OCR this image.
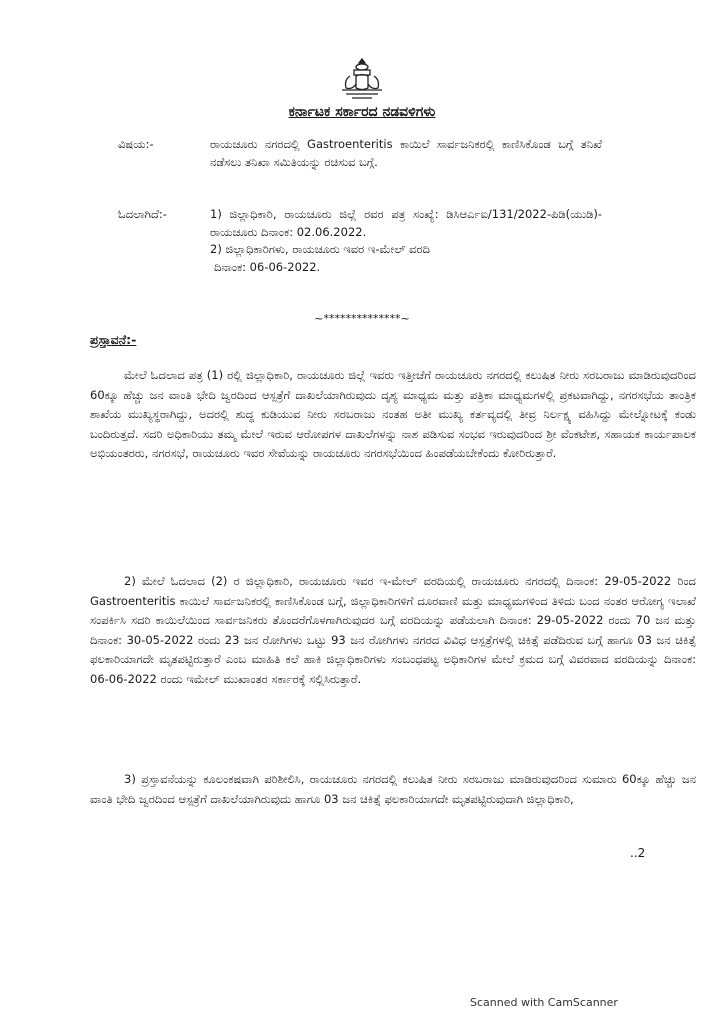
ಕರ್ನಾಟಕ ಸರ್ಕಾರದ ನಡವಳಿಗಳು
ವಿಷಯ:-	ರಾಯಚೂರು ನಗರದಲ್ಲಿ Gastroenteritis ಕಾಯಿಲೆ ಸಾರ್ವಜನಿಕರಲ್ಲಿ ಕಾಣಿಸಿಕೊಂಡ ಬಗ್ಗೆ ತನಿಖೆ ನಡೆಸಲು ತನಿಖಾ ಸಮಿತಿಯನ್ನು ರಚಿಸುವ ಬಗ್ಗೆ.
ಓದಲಾಗಿದೆ:-	1) ಜಿಲ್ಲಾಧಿಕಾರಿ, ರಾಯಚೂರು ಜಿಲ್ಲೆ ರವರ ಪತ್ರ ಸಂಖ್ಯೆ: ಡಿಸಿಆರ್ಎಐ/131/2022-ಪಿಡಿ(ಯುಡಿ)-ರಾಯಚೂರು ದಿನಾಂಕ: 02.06.2022.
2) ಜಿಲ್ಲಾಧಿಕಾರಿಗಳು, ರಾಯಚೂರು ಇವರ ಇ-ಮೇಲ್ ವರದಿ
ದಿನಾಂಕ: 06-06-2022.
~**************~
ಪ್ರಸ್ತಾವನೆ:-

ಮೇಲೆ ಓದಲಾದ ಪತ್ರ (1) ರಲ್ಲಿ ಜಿಲ್ಲಾಧಿಕಾರಿ, ರಾಯಚೂರು ಜಿಲ್ಲೆ ಇವರು ಇತ್ತೀಚೆಗೆ ರಾಯಚೂರು ನಗರದಲ್ಲಿ ಕಲುಷಿತ ನೀರು ಸರಬರಾಜು ಮಾಡಿರುವುದರಿಂದ 60ಕ್ಕೂ ಹೆಚ್ಚು ಜನ ವಾಂತಿ ಭೇದಿ ಜ್ವರದಿಂದ ಆಸ್ಪತ್ರೆಗೆ ದಾಖಲೆಯಾಗಿರುವುದು ದೃಶ್ಯ ಮಾಧ್ಯಮ ಮತ್ತು ಪತ್ರಿಕಾ ಮಾಧ್ಯಮಗಳಲ್ಲಿ ಪ್ರಕಟವಾಗಿದ್ದು, ನಗರಸಭೆಯ ತಾಂತ್ರಿಕ ಶಾಖೆಯ ಮುಖ್ಯಸ್ಥರಾಗಿದ್ದು, ಅದರಲ್ಲಿ ಶುದ್ಧ ಕುಡಿಯುವ ನೀರು ಸರಬರಾಜು ನಂತಹ ಅತೀ ಮುಖ್ಯ ಕರ್ತವ್ಯದಲ್ಲಿ ತೀವ್ರ ನಿರ್ಲಕ್ಷ್ಯ ವಹಿಸಿದ್ದು ಮೇಲ್ನೋಟಕ್ಕೆ ಕಂಡು ಬಂದಿರುತ್ತದೆ. ಸದರಿ ಅಧಿಕಾರಿಯು ತಮ್ಮ ಮೇಲೆ ಇರುವ ಆರೋಪಗಳ ದಾಖಲೆಗಳನ್ನು ನಾಶ ಪಡಿಸುವ ಸಂಭವ ಇರುವುದರಿಂದ ಶ್ರೀ ವೆಂಕಟೇಶ, ಸಹಾಯಕ ಕಾರ್ಯಪಾಲಕ ಅಭಿಯಂತರರು, ನಗರಸಭೆ, ರಾಯಚೂರು ಇವರ ಸೇವೆಯನ್ನು ರಾಯಚೂರು ನಗರಸಭೆಯಿಂದ ಹಿಂಪಡೆಯಬೇಕೆಂದು ಕೋರಿರುತ್ತಾರೆ.

2) ಮೇಲೆ ಓದಲಾದ (2) ರ ಜಿಲ್ಲಾಧಿಕಾರಿ, ರಾಯಚೂರು ಇವರ ಇ-ಮೇಲ್ ವರದಿಯಲ್ಲಿ ರಾಯಚೂರು ನಗರದಲ್ಲಿ ದಿನಾಂಕ: 29-05-2022 ರಿಂದ Gastroenteritis ಕಾಯಿಲೆ ಸಾರ್ವಜನಿಕರಲ್ಲಿ ಕಾಣಿಸಿಕೊಂಡ ಬಗ್ಗೆ, ಜಿಲ್ಲಾಧಿಕಾರಿಗಳಿಗೆ ದೂರವಾಣಿ ಮತ್ತು ಮಾಧ್ಯಮಗಳಿಂದ ತಿಳಿದು ಬಂದ ನಂತರ ಆರೋಗ್ಯ ಇಲಾಖೆ ಸಂಪರ್ಕಿಸಿ ಸದರಿ ಕಾಯಿಲೆಯಿಂದ ಸಾರ್ವಜನಿಕರು ತೊಂದರೆಗೊಳಗಾಗಿರುವುದರ ಬಗ್ಗೆ ವರದಿಯನ್ನು ಪಡೆಯಲಾಗಿ ದಿನಾಂಕ: 29-05-2022 ರಂದು 70 ಜನ ಮತ್ತು ದಿನಾಂಕ: 30-05-2022 ರಂದು 23 ಜನ ರೋಗಿಗಳು ಒಟ್ಟು 93 ಜನ ರೋಗಿಗಳು ನಗರದ ವಿವಿಧ ಆಸ್ಪತ್ರೆಗಳಲ್ಲಿ ಚಿಕಿತ್ಸೆ ಪಡೆದಿರುವ ಬಗ್ಗೆ ಹಾಗೂ 03 ಜನ ಚಿಕಿತ್ಸೆ ಫಲಕಾರಿಯಾಗದೇ ಮೃತಪಟ್ಟಿರುತ್ತಾರೆ ಎಂಬ ಮಾಹಿತಿ ಕಲೆ ಹಾಕಿ ಜಿಲ್ಲಾಧಿಕಾರಿಗಳು ಸಂಬಂಧಪಟ್ಟ ಅಧಿಕಾರಿಗಳ ಮೇಲೆ ಕ್ರಮದ ಬಗ್ಗೆ ವಿವರವಾದ ವರದಿಯನ್ನು ದಿನಾಂಕ: 06-06-2022 ರಂದು ಇಮೇಲ್ ಮುಖಾಂತರ ಸರ್ಕಾರಕ್ಕೆ ಸಲ್ಲಿಸಿರುತ್ತಾರೆ.

3) ಪ್ರಸ್ತಾವನೆಯನ್ನು ಕೂಲಂಕಷವಾಗಿ ಪರಿಶೀಲಿಸಿ, ರಾಯಚೂರು ನಗರದಲ್ಲಿ ಕಲುಷಿತ ನೀರು ಸರಬರಾಜು ಮಾಡಿರುವುದರಿಂದ ಸುಮಾರು 60ಕ್ಕೂ ಹೆಚ್ಚು ಜನ ವಾಂತಿ ಭೇದಿ ಜ್ವರದಿಂದ ಆಸ್ಪತ್ರೆಗೆ ದಾಖಲೆಯಾಗಿರುವುದು ಹಾಗೂ 03 ಜನ ಚಿಕಿತ್ಸೆ ಫಲಕಾರಿಯಾಗದೇ ಮೃತಪಟ್ಟಿರುವುದಾಗಿ ಜಿಲ್ಲಾಧಿಕಾರಿ,

..2
Scanned with CamScanner
